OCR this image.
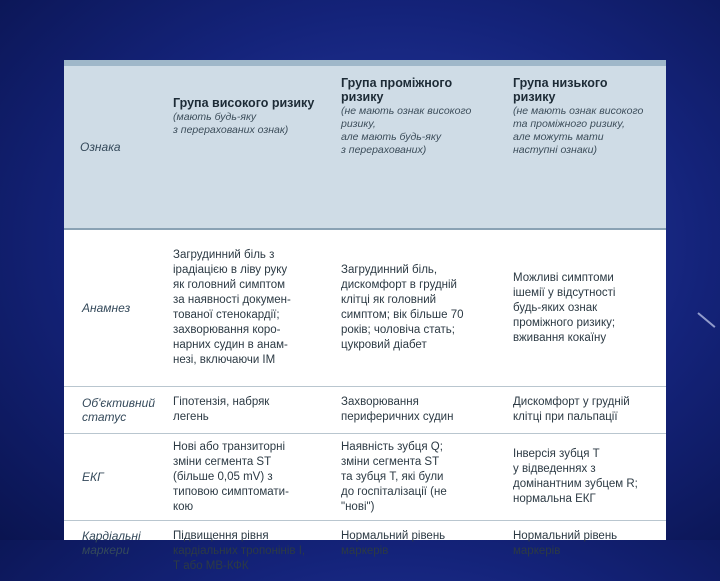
Ознака
Група високого ризику
(мають будь-яку
з перерахованих ознак)
Група проміжного
ризику
(не мають ознак високого
ризику,
але мають будь-яку
з перерахованих)
Група низького
ризику
(не мають ознак високого
та проміжного ризику,
але можуть мати
наступні ознаки)
Анамнез
Загрудинний біль з
ірадіацією в ліву руку
як головний симптом
за наявності докумен-
тованої стенокардії;
захворювання коро-
нарних судин в анам-
незі, включаючи ІМ
Загрудинний біль,
дискомфорт в грудній
клітці як головний
симптом; вік більше 70
років; чоловіча стать;
цукровий діабет
Можливі симптоми
ішемії у відсутності
будь-яких ознак
проміжного ризику;
вживання кокаїну
Об'єктивний статус
Гіпотензія, набряк
легень
Захворювання
периферичних судин
Дискомфорт у грудній
клітці при пальпації
ЕКГ
Нові або транзиторні
зміни сегмента ST
(більше 0,05 mV) з
типовою симптомати-
кою
Наявність зубця Q;
зміни сегмента ST
та зубця T, які були
до госпіталізації (не
"нові")
Інверсія зубця T
у відведеннях з
домінантним зубцем R;
нормальна ЕКГ
Кардіальні маркери
Підвищення рівня
кардіальних тропонінів І,
Т або МВ-КФК
Нормальний рівень
маркерів
Нормальний рівень
маркерів
